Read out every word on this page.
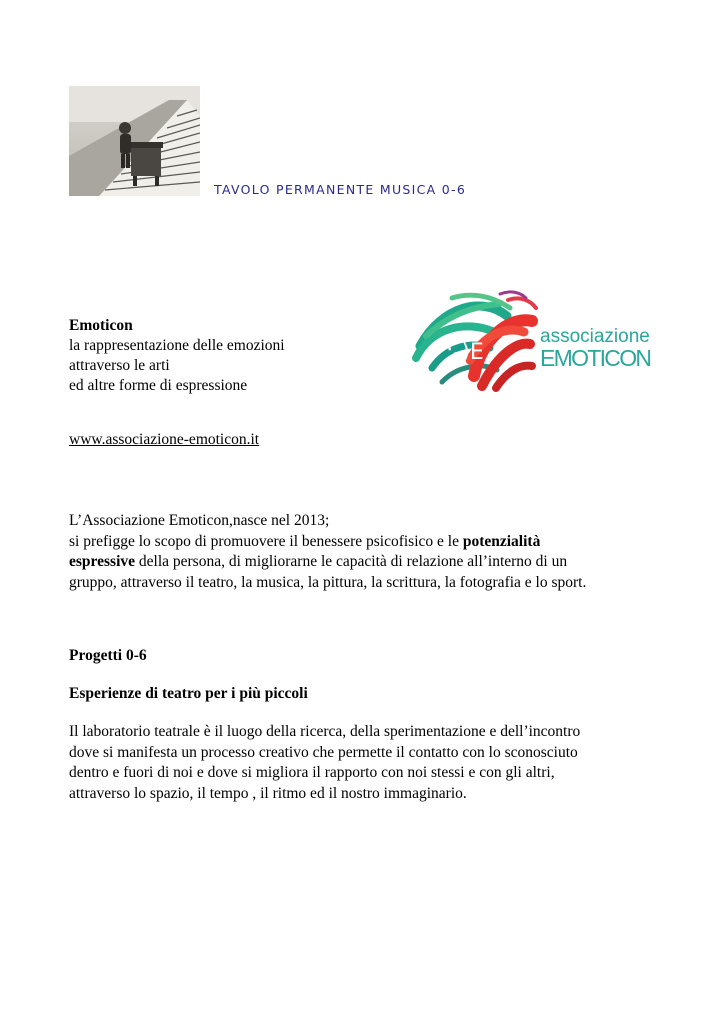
TAVOLO PERMANENTE MUSICA 0-6
Emoticon
la rappresentazione delle emozioni
attraverso le arti
ed altre forme di espressione
:-)E
associazione
EMOTICON
www.associazione-emoticon.it
L’Associazione Emoticon,nasce nel 2013;
si prefigge lo scopo di promuovere il benessere psicofisico e le potenzialità
espressive della persona, di migliorarne le capacità di relazione all’interno di un
gruppo, attraverso il teatro, la musica, la pittura, la scrittura, la fotografia e lo sport.
Progetti 0-6
Esperienze di teatro per i più piccoli
Il laboratorio teatrale è il luogo della ricerca, della sperimentazione e dell’incontro
dove si manifesta un processo creativo che permette il contatto con lo sconosciuto
dentro e fuori di noi e dove si migliora il rapporto con noi stessi e con gli altri,
attraverso lo spazio, il tempo , il ritmo ed il nostro immaginario.
